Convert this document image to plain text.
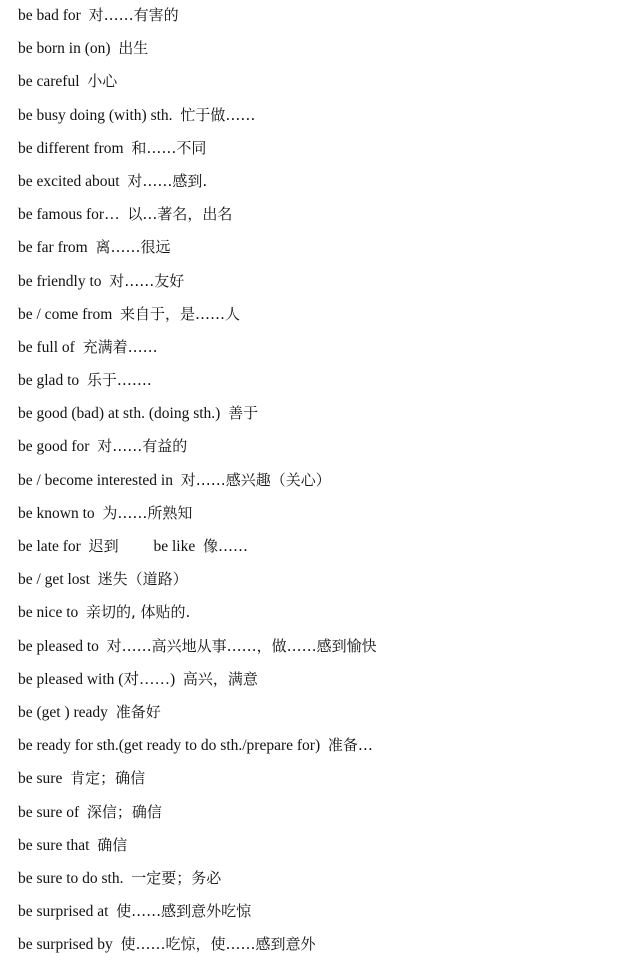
be bad for 对……有害的
be born in (on) 出生
be careful 小心
be busy doing (with) sth. 忙于做……
be different from 和……不同
be excited about 对……感到.
be famous for… 以…著名，出名
be far from 离……很远
be friendly to 对……友好
be / come from 来自于，是……人
be full of 充满着……
be glad to 乐于…….
be good (bad) at sth. (doing sth.) 善于
be good for 对……有益的
be / become interested in 对……感兴趣（关心）
be known to 为……所熟知
be late for 迟到 be like 像……
be / get lost 迷失（道路）
be nice to 亲切的, 体贴的.
be pleased to 对……高兴地从事……，做……感到愉快
be pleased with (对……) 高兴，满意
be (get ) ready 准备好
be ready for sth.(get ready to do sth./prepare for) 准备…
be sure 肯定；确信
be sure of 深信；确信
be sure that 确信
be sure to do sth. 一定要；务必
be surprised at 使……感到意外吃惊
be surprised by 使……吃惊，使……感到意外
